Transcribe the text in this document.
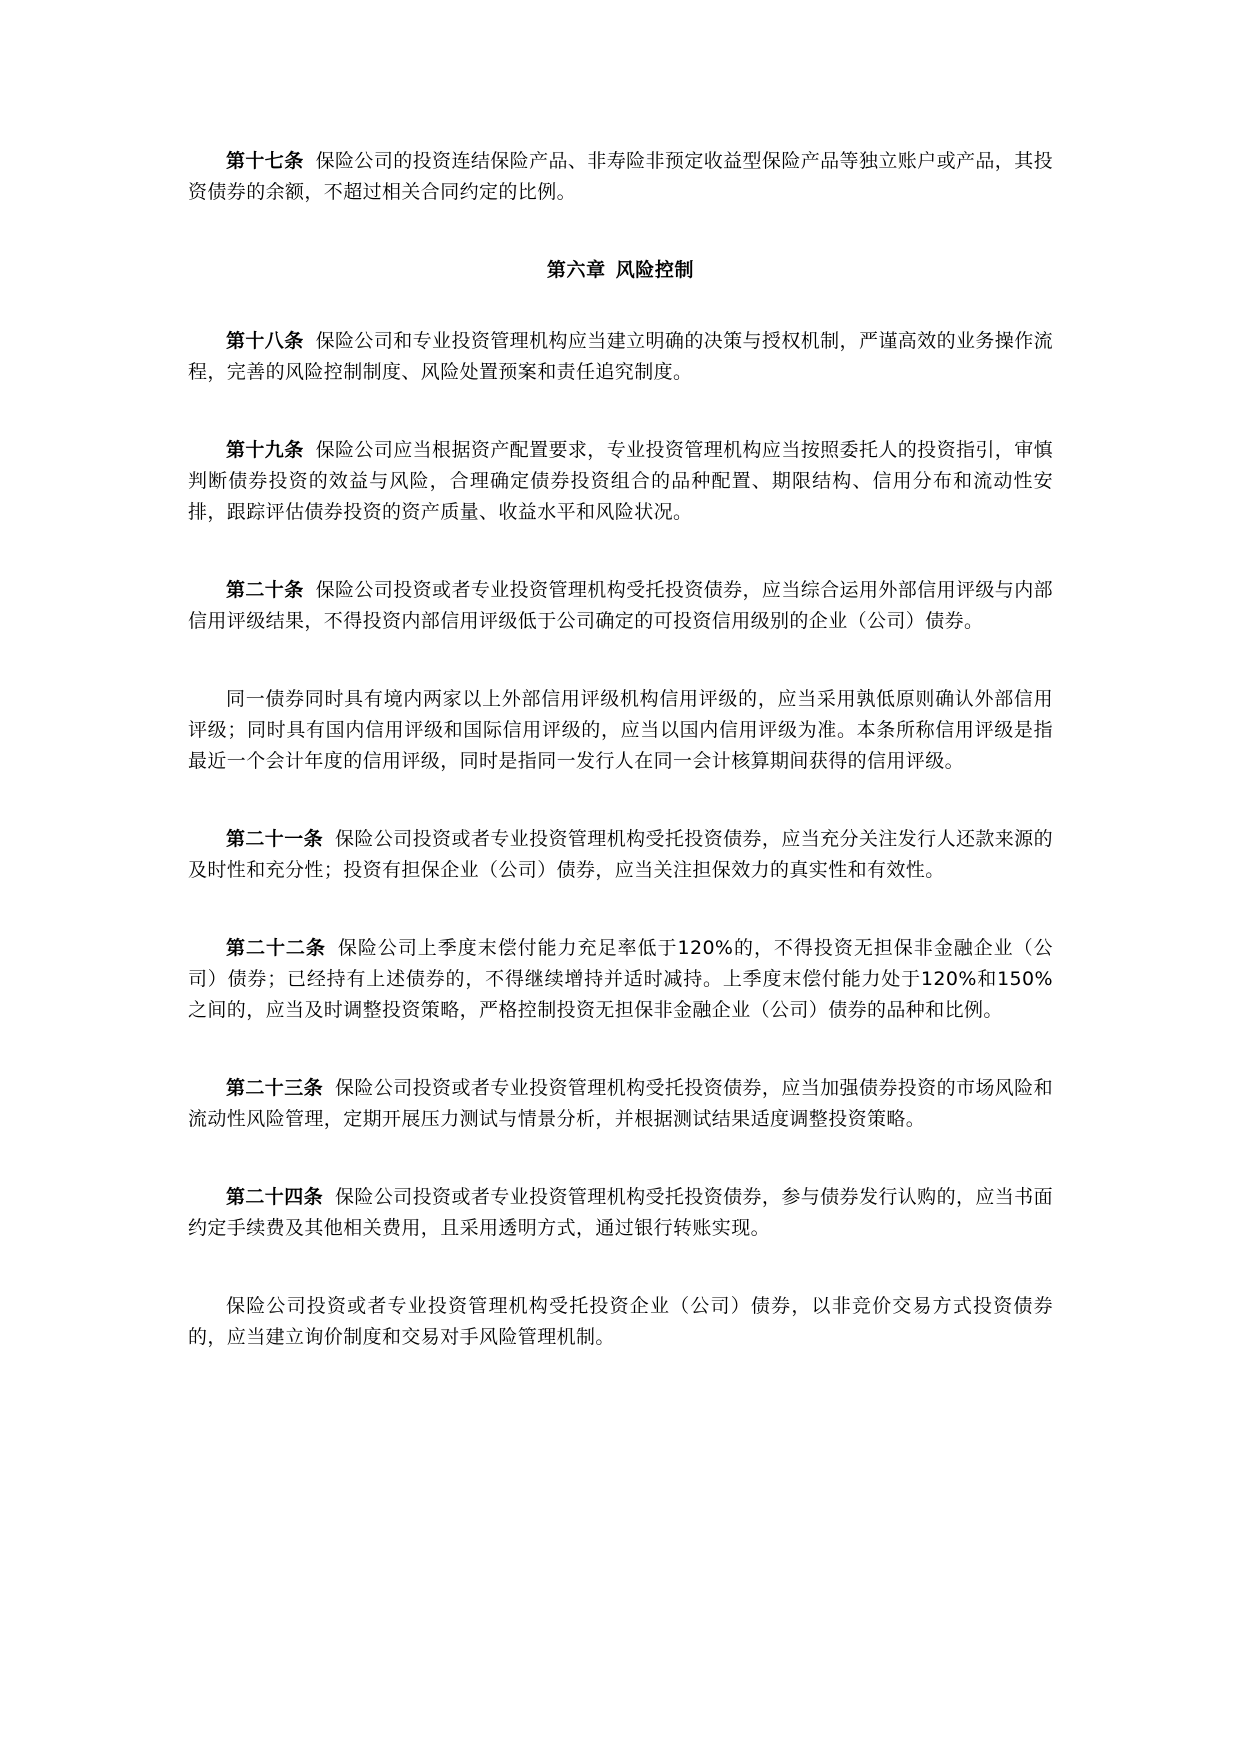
第十七条 保险公司的投资连结保险产品、非寿险非预定收益型保险产品等独立账户或产品，其投资债券的余额，不超过相关合同约定的比例。

第六章 风险控制

第十八条 保险公司和专业投资管理机构应当建立明确的决策与授权机制，严谨高效的业务操作流程，完善的风险控制制度、风险处置预案和责任追究制度。

第十九条 保险公司应当根据资产配置要求，专业投资管理机构应当按照委托人的投资指引，审慎判断债券投资的效益与风险，合理确定债券投资组合的品种配置、期限结构、信用分布和流动性安排，跟踪评估债券投资的资产质量、收益水平和风险状况。

第二十条 保险公司投资或者专业投资管理机构受托投资债券，应当综合运用外部信用评级与内部信用评级结果，不得投资内部信用评级低于公司确定的可投资信用级别的企业（公司）债券。

同一债券同时具有境内两家以上外部信用评级机构信用评级的，应当采用孰低原则确认外部信用评级；同时具有国内信用评级和国际信用评级的，应当以国内信用评级为准。本条所称信用评级是指最近一个会计年度的信用评级，同时是指同一发行人在同一会计核算期间获得的信用评级。

第二十一条 保险公司投资或者专业投资管理机构受托投资债券，应当充分关注发行人还款来源的及时性和充分性；投资有担保企业（公司）债券，应当关注担保效力的真实性和有效性。

第二十二条 保险公司上季度末偿付能力充足率低于120%的，不得投资无担保非金融企业（公司）债券；已经持有上述债券的，不得继续增持并适时减持。上季度末偿付能力处于120%和150%之间的，应当及时调整投资策略，严格控制投资无担保非金融企业（公司）债券的品种和比例。

第二十三条 保险公司投资或者专业投资管理机构受托投资债券，应当加强债券投资的市场风险和流动性风险管理，定期开展压力测试与情景分析，并根据测试结果适度调整投资策略。

第二十四条 保险公司投资或者专业投资管理机构受托投资债券，参与债券发行认购的，应当书面约定手续费及其他相关费用，且采用透明方式，通过银行转账实现。

保险公司投资或者专业投资管理机构受托投资企业（公司）债券，以非竞价交易方式投资债券的，应当建立询价制度和交易对手风险管理机制。
